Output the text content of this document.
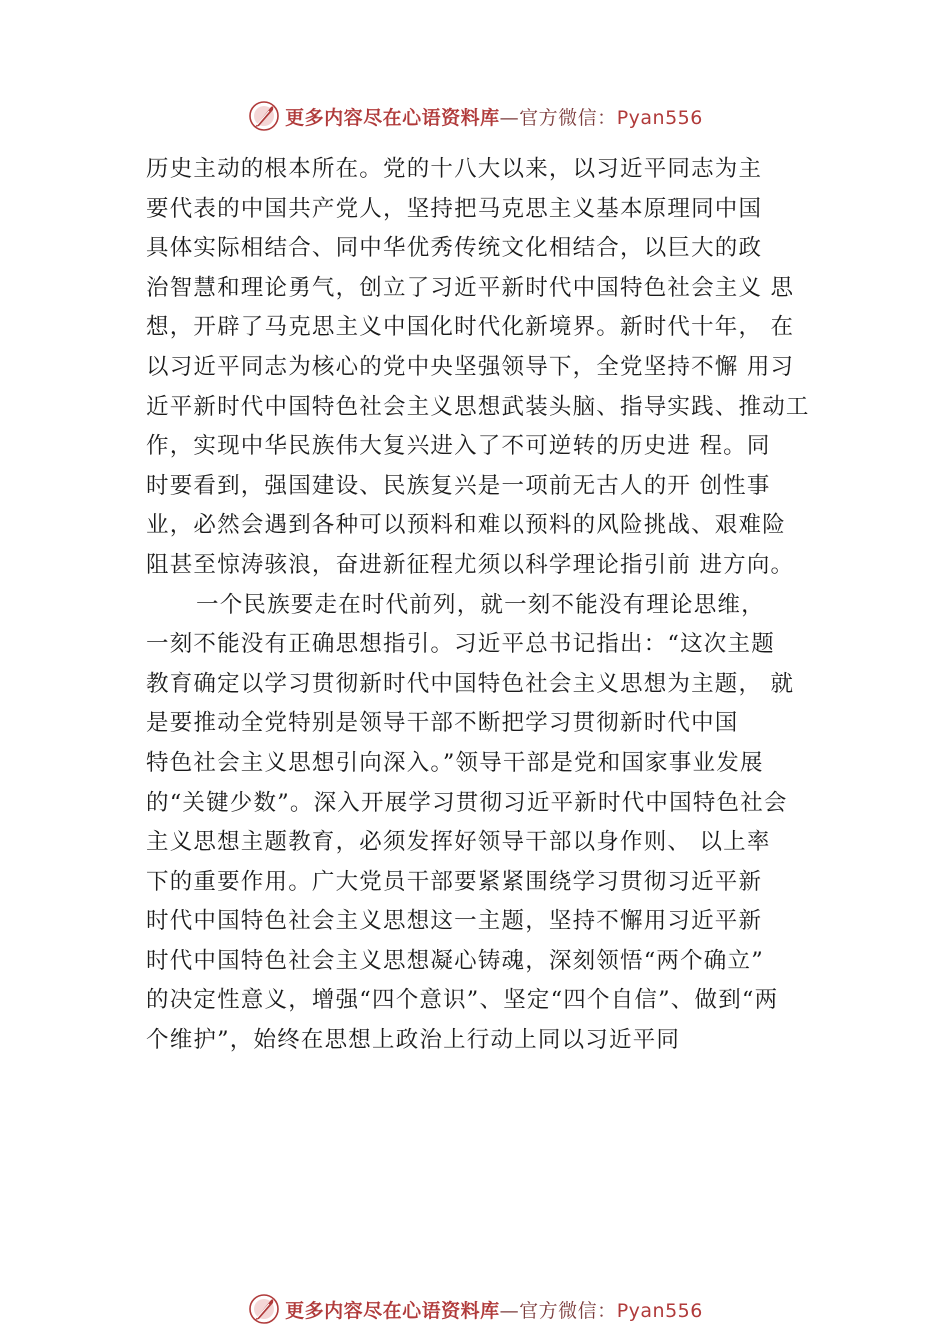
更多内容尽在心语资料库—官方微信：Pyan556
历史主动的根本所在。党的十八大以来，以习近平同志为主
要代表的中国共产党人，坚持把马克思主义基本原理同中国
具体实际相结合、同中华优秀传统文化相结合，以巨大的政
治智慧和理论勇气，创立了习近平新时代中国特色社会主义 思
想，开辟了马克思主义中国化时代化新境界。新时代十年， 在
以习近平同志为核心的党中央坚强领导下，全党坚持不懈 用习
近平新时代中国特色社会主义思想武装头脑、指导实践、推动工
作，实现中华民族伟大复兴进入了不可逆转的历史进 程。同
时要看到，强国建设、民族复兴是一项前无古人的开 创性事
业，必然会遇到各种可以预料和难以预料的风险挑战、艰难险
阻甚至惊涛骇浪，奋进新征程尤须以科学理论指引前 进方向。
一个民族要走在时代前列，就一刻不能没有理论思维，
一刻不能没有正确思想指引。习近平总书记指出：“这次主题
教育确定以学习贯彻新时代中国特色社会主义思想为主题， 就
是要推动全党特别是领导干部不断把学习贯彻新时代中国
特色社会主义思想引向深入。”领导干部是党和国家事业发展
的“关键少数”。深入开展学习贯彻习近平新时代中国特色社会
主义思想主题教育，必须发挥好领导干部以身作则、 以上率
下的重要作用。广大党员干部要紧紧围绕学习贯彻习近平新
时代中国特色社会主义思想这一主题，坚持不懈用习近平新
时代中国特色社会主义思想凝心铸魂，深刻领悟“两个确立”
的决定性意义，增强“四个意识”、坚定“四个自信”、做到“两
个维护”，始终在思想上政治上行动上同以习近平同
更多内容尽在心语资料库—官方微信：Pyan556
